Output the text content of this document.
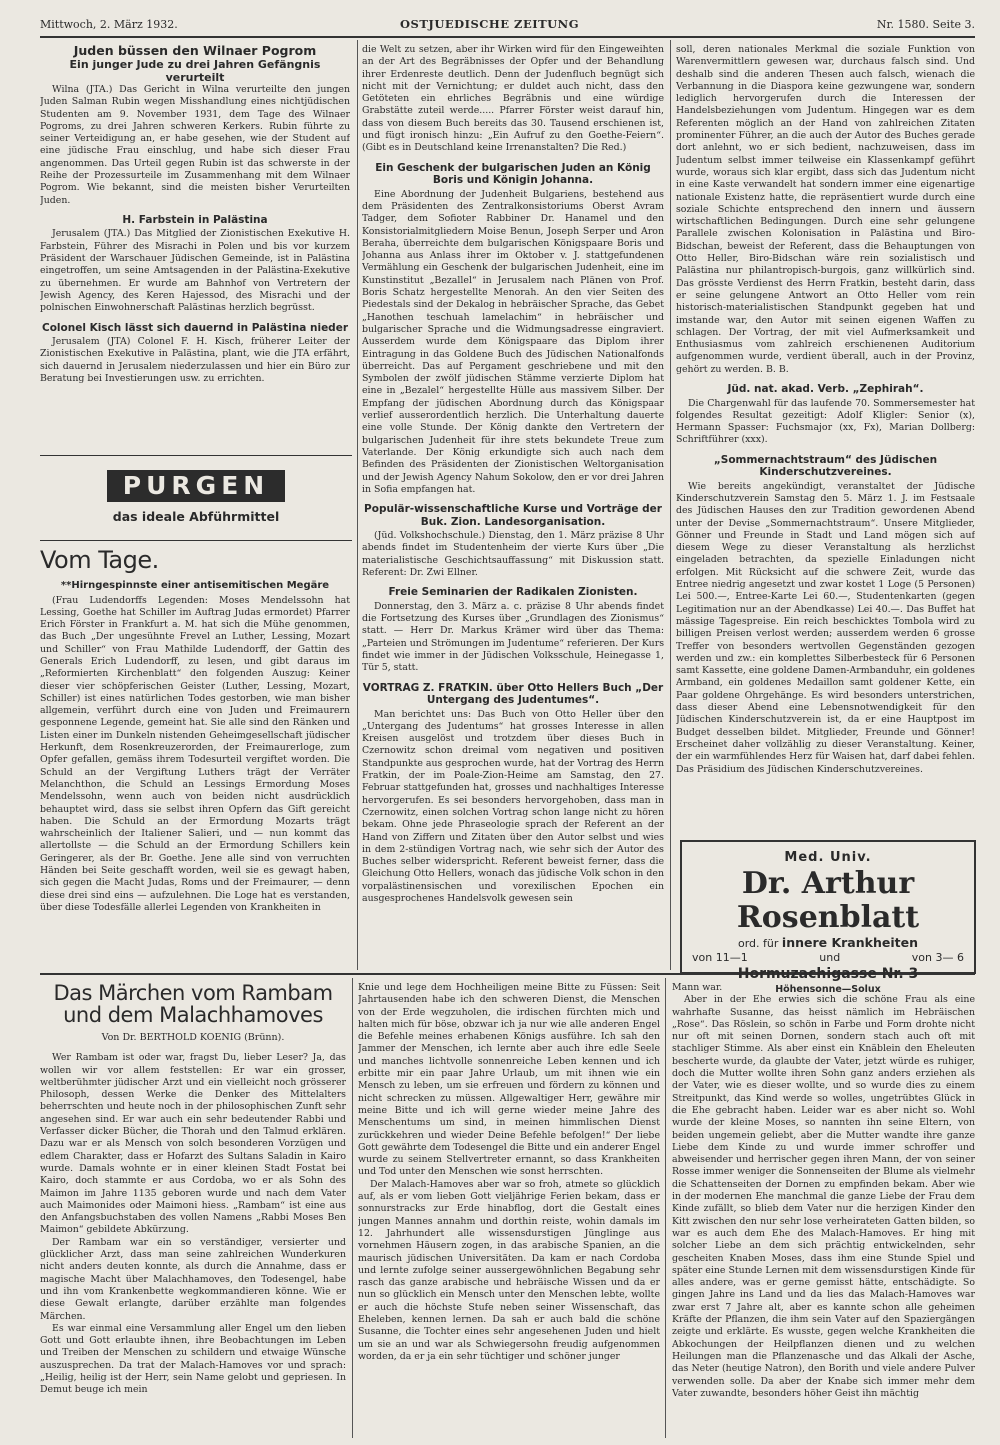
Mittwoch, 2. März 1932.	OSTJUEDISCHE ZEITUNG	Nr. 1580. Seite 3.
Juden büssen den Wilnaer Pogrom
Ein junger Jude zu drei Jahren Gefängnis verurteilt

Wilna (JTA.) Das Gericht in Wilna verurteilte den jungen Juden Salman Rubin wegen Misshandlung eines nichtjüdischen Studenten am 9. November 1931, dem Tage des Wilnaer Pogroms, zu drei Jahren schweren Kerkers. Rubin führte zu seiner Verteidigung an, er habe gesehen, wie der Student auf eine jüdische Frau einschlug, und habe sich dieser Frau angenommen. Das Urteil gegen Rubin ist das schwerste in der Reihe der Prozessurteile im Zusammenhang mit dem Wilnaer Pogrom. Wie bekannt, sind die meisten bisher Verurteilten Juden.

H. Farbstein in Palästina

Jerusalem (JTA.) Das Mitglied der Zionistischen Exekutive H. Farbstein, Führer des Misrachi in Polen und bis vor kurzem Präsident der Warschauer Jüdischen Gemeinde, ist in Palästina eingetroffen, um seine Amtsagenden in der Palästina-Exekutive zu übernehmen. Er wurde am Bahnhof von Vertretern der Jewish Agency, des Keren Hajessod, des Misrachi und der polnischen Einwohnerschaft Palästinas herzlich begrüsst.

Colonel Kisch lässt sich dauernd in Palästina nieder

Jerusalem (JTA) Colonel F. H. Kisch, früherer Leiter der Zionistischen Exekutive in Palästina, plant, wie die JTA erfährt, sich dauernd in Jerusalem niederzulassen und hier ein Büro zur Beratung bei Investierungen usw. zu errichten.

PURGEN
das ideale Abführmittel
Vom Tage.
**Hirngespinnste einer antisemitischen Megäre

(Frau Ludendorffs Legenden: Moses Mendelssohn hat Lessing, Goethe hat Schiller im Auftrag Judas ermordet) Pfarrer Erich Förster in Frankfurt a. M. hat sich die Mühe genommen, das Buch „Der ungesühnte Frevel an Luther, Lessing, Mozart und Schiller“ von Frau Mathilde Ludendorff, der Gattin des Generals Erich Ludendorff, zu lesen, und gibt daraus im „Reformierten Kirchenblatt“ den folgenden Auszug: Keiner dieser vier schöpferischen Geister (Luther, Lessing, Mozart, Schiller) ist eines natürlichen Todes gestorben, wie man bisher allgemein, verführt durch eine von Juden und Freimaurern gesponnene Legende, gemeint hat. Sie alle sind den Ränken und Listen einer im Dunkeln nistenden Geheimgesellschaft jüdischer Herkunft, dem Rosenkreuzerorden, der Freimaurerloge, zum Opfer gefallen, gemäss ihrem Todesurteil vergiftet worden. Die Schuld an der Vergiftung Luthers trägt der Verräter Melanchthon, die Schuld an Lessings Ermordung Moses Mendelssohn, wenn auch von beiden nicht ausdrücklich behauptet wird, dass sie selbst ihren Opfern das Gift gereicht haben. Die Schuld an der Ermordung Mozarts trägt wahrscheinlich der Italiener Salieri, und — nun kommt das allertollste — die Schuld an der Ermordung Schillers kein Geringerer, als der Br. Goethe. Jene alle sind von verruchten Händen bei Seite geschafft worden, weil sie es gewagt haben, sich gegen die Macht Judas, Roms und der Freimaurer, — denn diese drei sind eins — aufzulehnen. Die Loge hat es verstanden, über diese Todesfälle allerlei Legenden von Krankheiten in

die Welt zu setzen, aber ihr Wirken wird für den Eingeweihten an der Art des Begräbnisses der Opfer und der Behandlung ihrer Erdenreste deutlich. Denn der Judenfluch begnügt sich nicht mit der Vernichtung; er duldet auch nicht, dass den Getöteten ein ehrliches Begräbnis und eine würdige Grabstätte zuteil werde..... Pfarrer Förster weist darauf hin, dass von diesem Buch bereits das 30. Tausend erschienen ist, und fügt ironisch hinzu: „Ein Aufruf zu den Goethe-Feiern“. (Gibt es in Deutschland keine Irrenanstalten? Die Red.)

Ein Geschenk der bulgarischen Juden an König Boris und Königin Johanna.

Eine Abordnung der Judenheit Bulgariens, bestehend aus dem Präsidenten des Zentralkonsistoriums Oberst Avram Tadger, dem Sofioter Rabbiner Dr. Hanamel und den Konsistorialmitgliedern Moise Benun, Joseph Serper und Aron Beraha, überreichte dem bulgarischen Königspaare Boris und Johanna aus Anlass ihrer im Oktober v. J. stattgefundenen Vermählung ein Geschenk der bulgarischen Judenheit, eine im Kunstinstitut „Bezallel“ in Jerusalem nach Plänen von Prof. Boris Schatz hergestellte Menorah. An den vier Seiten des Piedestals sind der Dekalog in hebräischer Sprache, das Gebet „Hanothen teschuah lamelachim“ in hebräischer und bulgarischer Sprache und die Widmungsadresse eingraviert. Ausserdem wurde dem Königspaare das Diplom ihrer Eintragung in das Goldene Buch des Jüdischen Nationalfonds überreicht. Das auf Pergament geschriebene und mit den Symbolen der zwölf jüdischen Stämme verzierte Diplom hat eine in „Bezalel“ hergestellte Hülle aus massivem Silber. Der Empfang der jüdischen Abordnung durch das Königspaar verlief ausserordentlich herzlich. Die Unterhaltung dauerte eine volle Stunde. Der König dankte den Vertretern der bulgarischen Judenheit für ihre stets bekundete Treue zum Vaterlande. Der König erkundigte sich auch nach dem Befinden des Präsidenten der Zionistischen Weltorganisation und der Jewish Agency Nahum Sokolow, den er vor drei Jahren in Sofia empfangen hat.

Populär-wissenschaftliche Kurse und Vorträge der Buk. Zion. Landesorganisation.

(Jüd. Volkshochschule.) Dienstag, den 1. März präzise 8 Uhr abends findet im Studentenheim der vierte Kurs über „Die materialistische Geschichtsauffassung“ mit Diskussion statt. Referent: Dr. Zwi Ellner.

Freie Seminarien der Radikalen Zionisten.

Donnerstag, den 3. März a. c. präzise 8 Uhr abends findet die Fortsetzung des Kurses über „Grundlagen des Zionismus“ statt. — Herr Dr. Markus Krämer wird über das Thema: „Parteien und Strömungen im Judentume“ referieren. Der Kurs findet wie immer in der Jüdischen Volksschule, Heinegasse 1, Tür 5, statt.

VORTRAG Z. FRATKIN. über Otto Hellers Buch „Der Untergang des Judentumes“.

Man berichtet uns: Das Buch von Otto Heller über den „Untergang des Judentums“ hat grosses Interesse in allen Kreisen ausgelöst und trotzdem über dieses Buch in Czernowitz schon dreimal vom negativen und positiven Standpunkte aus gesprochen wurde, hat der Vortrag des Herrn Fratkin, der im Poale-Zion-Heime am Samstag, den 27. Februar stattgefunden hat, grosses und nachhaltiges Interesse hervorgerufen. Es sei besonders hervorgehoben, dass man in Czernowitz, einen solchen Vortrag schon lange nicht zu hören bekam. Ohne jede Phraseologie sprach der Referent an der Hand von Ziffern und Zitaten über den Autor selbst und wies in dem 2-stündigen Vortrag nach, wie sehr sich der Autor des Buches selber widerspricht. Referent beweist ferner, dass die Gleichung Otto Hellers, wonach das jüdische Volk schon in den vorpalästinensischen und vorexilischen Epochen ein ausgesprochenes Handelsvolk gewesen sein

soll, deren nationales Merkmal die soziale Funktion von Warenvermittlern gewesen war, durchaus falsch sind. Und deshalb sind die anderen Thesen auch falsch, wienach die Verbannung in die Diaspora keine gezwungene war, sondern lediglich hervorgerufen durch die Interessen der Handelsbeziehungen vom Judentum. Hingegen war es dem Referenten möglich an der Hand von zahlreichen Zitaten prominenter Führer, an die auch der Autor des Buches gerade dort anlehnt, wo er sich bedient, nachzuweisen, dass im Judentum selbst immer teilweise ein Klassenkampf geführt wurde, woraus sich klar ergibt, dass sich das Judentum nicht in eine Kaste verwandelt hat sondern immer eine eigenartige nationale Existenz hatte, die repräsentiert wurde durch eine soziale Schichte entsprechend den innern und äussern wirtschaftlichen Bedingungen. Durch eine sehr gelungene Parallele zwischen Kolonisation in Palästina und Biro-Bidschan, beweist der Referent, dass die Behauptungen von Otto Heller, Biro-Bidschan wäre rein sozialistisch und Palästina nur philantropisch-burgois, ganz willkürlich sind. Das grösste Verdienst des Herrn Fratkin, besteht darin, dass er seine gelungene Antwort an Otto Heller vom rein historisch-materialistischen Standpunkt gegeben hat und imstande war, den Autor mit seinen eigenen Waffen zu schlagen. Der Vortrag, der mit viel Aufmerksamkeit und Enthusiasmus vom zahlreich erschienenen Auditorium aufgenommen wurde, verdient überall, auch in der Provinz, gehört zu werden. B. B.

Jüd. nat. akad. Verb. „Zephirah“.

Die Chargenwahl für das laufende 70. Sommersemester hat folgendes Resultat gezeitigt: Adolf Kligler: Senior (x), Hermann Spasser: Fuchsmajor (xx, Fx), Marian Dollberg: Schriftführer (xxx).

„Sommernachtstraum“ des Jüdischen Kinderschutzvereines.

Wie bereits angekündigt, veranstaltet der Jüdische Kinderschutzverein Samstag den 5. März 1. J. im Festsaale des Jüdischen Hauses den zur Tradition gewordenen Abend unter der Devise „Sommernachtstraum“. Unsere Mitglieder, Gönner und Freunde in Stadt und Land mögen sich auf diesem Wege zu dieser Veranstaltung als herzlichst eingeladen betrachten, da spezielle Einladungen nicht erfolgen. Mit Rücksicht auf die schwere Zeit, wurde das Entree niedrig angesetzt und zwar kostet 1 Loge (5 Personen) Lei 500.—, Entree-Karte Lei 60.—, Studentenkarten (gegen Legitimation nur an der Abendkasse) Lei 40.—. Das Buffet hat mässige Tagespreise. Ein reich beschicktes Tombola wird zu billigen Preisen verlost werden; ausserdem werden 6 grosse Treffer von besonders wertvollen Gegenständen gezogen werden und zw.: ein komplettes Silberbesteck für 6 Personen samt Kassette, eine goldene Damen-Armbanduhr, ein goldenes Armband, ein goldenes Medaillon samt goldener Kette, ein Paar goldene Ohrgehänge. Es wird besonders unterstrichen, dass dieser Abend eine Lebensnotwendigkeit für den Jüdischen Kinderschutzverein ist, da er eine Hauptpost im Budget desselben bildet. Mitglieder, Freunde und Gönner! Erscheinet daher vollzählig zu dieser Veranstaltung. Keiner, der ein warmfühlendes Herz für Waisen hat, darf dabei fehlen. Das Präsidium des Jüdischen Kinderschutzvereines.

Med. Univ.
Dr. Arthur Rosenblatt
ord. für innere Krankheiten
von 11—1	und	von 3— 6
Hormuzachigasse Nr. 3
Höhensonne—Solux
Das Märchen vom Rambam und dem Malachhamoves
Von Dr. BERTHOLD KOENIG (Brünn).

Wer Rambam ist oder war, fragst Du, lieber Leser? Ja, das wollen wir vor allem feststellen: Er war ein grosser, weltberühmter jüdischer Arzt und ein vielleicht noch grösserer Philosoph, dessen Werke die Denker des Mittelalters beherrschten und heute noch in der philosophischen Zunft sehr angesehen sind. Er war auch ein sehr bedeutender Rabbi und Verfasser dicker Bücher, die Thorah und den Talmud erklären. Dazu war er als Mensch von solch besonderen Vorzügen und edlem Charakter, dass er Hofarzt des Sultans Saladin in Kairo wurde. Damals wohnte er in einer kleinen Stadt Fostat bei Kairo, doch stammte er aus Cordoba, wo er als Sohn des Maimon im Jahre 1135 geboren wurde und nach dem Vater auch Maimonides oder Maimoni hiess. „Rambam“ ist eine aus den Anfangsbuchstaben des vollen Namens „Rabbi Moses Ben Maimon“ gebildete Abkürzung.

Der Rambam war ein so verständiger, versierter und glücklicher Arzt, dass man seine zahlreichen Wunderkuren nicht anders deuten konnte, als durch die Annahme, dass er magische Macht über Malachhamoves, den Todesengel, habe und ihn vom Krankenbette wegkommandieren könne. Wie er diese Gewalt erlangte, darüber erzählte man folgendes Märchen.

Es war einmal eine Versammlung aller Engel um den lieben Gott und Gott erlaubte ihnen, ihre Beobachtungen im Leben und Treiben der Menschen zu schildern und etwaige Wünsche auszusprechen. Da trat der Malach-Hamoves vor und sprach: „Heilig, heilig ist der Herr, sein Name gelobt und gepriesen. In Demut beuge ich mein

Knie und lege dem Hochheiligen meine Bitte zu Füssen: Seit Jahrtausenden habe ich den schweren Dienst, die Menschen von der Erde wegzuholen, die irdischen fürchten mich und halten mich für böse, obzwar ich ja nur wie alle anderen Engel die Befehle meines erhabenen Königs ausführe. Ich sah den Jammer der Menschen, ich lernte aber auch ihre edle Seele und manches lichtvolle sonnenreiche Leben kennen und ich erbitte mir ein paar Jahre Urlaub, um mit ihnen wie ein Mensch zu leben, um sie erfreuen und fördern zu können und nicht schrecken zu müssen. Allgewaltiger Herr, gewähre mir meine Bitte und ich will gerne wieder meine Jahre des Menschentums um sind, in meinen himmlischen Dienst zurückkehren und wieder Deine Befehle befolgen!“ Der liebe Gott gewährte dem Todesengel die Bitte und ein anderer Engel wurde zu seinem Stellvertreter ernannt, so dass Krankheiten und Tod unter den Menschen wie sonst herrschten.

Der Malach-Hamoves aber war so froh, atmete so glücklich auf, als er vom lieben Gott vieljährige Ferien bekam, dass er sonnurstracks zur Erde hinabflog, dort die Gestalt eines jungen Mannes annahm und dorthin reiste, wohin damals im 12. Jahrhundert alle wissensdurstigen Jünglinge aus vornehmen Häusern zogen, in das arabische Spanien, an die maurisch jüdischen Universitäten. Da kam er nach Cordoba und lernte zufolge seiner aussergewöhnlichen Begabung sehr rasch das ganze arabische und hebräische Wissen und da er nun so glücklich ein Mensch unter den Menschen lebte, wollte er auch die höchste Stufe neben seiner Wissenschaft, das Eheleben, kennen lernen. Da sah er auch bald die schöne Susanne, die Tochter eines sehr angesehenen Juden und hielt um sie an und war als Schwiegersohn freudig aufgenommen worden, da er ja ein sehr tüchtiger und schöner junger

Mann war.

Aber in der Ehe erwies sich die schöne Frau als eine wahrhafte Susanne, das heisst nämlich im Hebräischen „Rose“. Das Röslein, so schön in Farbe und Form drohte nicht nur oft mit seinen Dornen, sondern stach auch oft mit stachliger Stimme. Als aber einst ein Knäblein den Eheleuten bescherte wurde, da glaubte der Vater, jetzt würde es ruhiger, doch die Mutter wollte ihren Sohn ganz anders erziehen als der Vater, wie es dieser wollte, und so wurde dies zu einem Streitpunkt, das Kind werde so wolles, ungetrübtes Glück in die Ehe gebracht haben. Leider war es aber nicht so. Wohl wurde der kleine Moses, so nannten ihn seine Eltern, von beiden ungemein geliebt, aber die Mutter wandte ihre ganze Liebe dem Kinde zu und wurde immer schroffer und abweisender und herrischer gegen ihren Mann, der von seiner Rosse immer weniger die Sonnenseiten der Blume als vielmehr die Schattenseiten der Dornen zu empfinden bekam. Aber wie in der modernen Ehe manchmal die ganze Liebe der Frau dem Kinde zufällt, so blieb dem Vater nur die herzigen Kinder den Kitt zwischen den nur sehr lose verheirateten Gatten bilden, so war es auch dem Ehe des Malach-Hamoves. Er hing mit solcher Liebe an dem sich prächtig entwickelnden, sehr gescheiten Knaben Moses, dass ihm eine Stunde Spiel und später eine Stunde Lernen mit dem wissensdurstigen Kinde für alles andere, was er gerne gemisst hätte, entschädigte. So gingen Jahre ins Land und da lies das Malach-Hamoves war zwar erst 7 Jahre alt, aber es kannte schon alle geheimen Kräfte der Pflanzen, die ihm sein Vater auf den Spaziergängen zeigte und erklärte. Es wusste, gegen welche Krankheiten die Abkochungen der Heilpflanzen dienen und zu welchen Heilungen man die Pflanzenasche und das Alkali der Asche, das Neter (heutige Natron), den Borith und viele andere Pulver verwenden solle. Da aber der Knabe sich immer mehr dem Vater zuwandte, besonders höher Geist ihn mächtig
